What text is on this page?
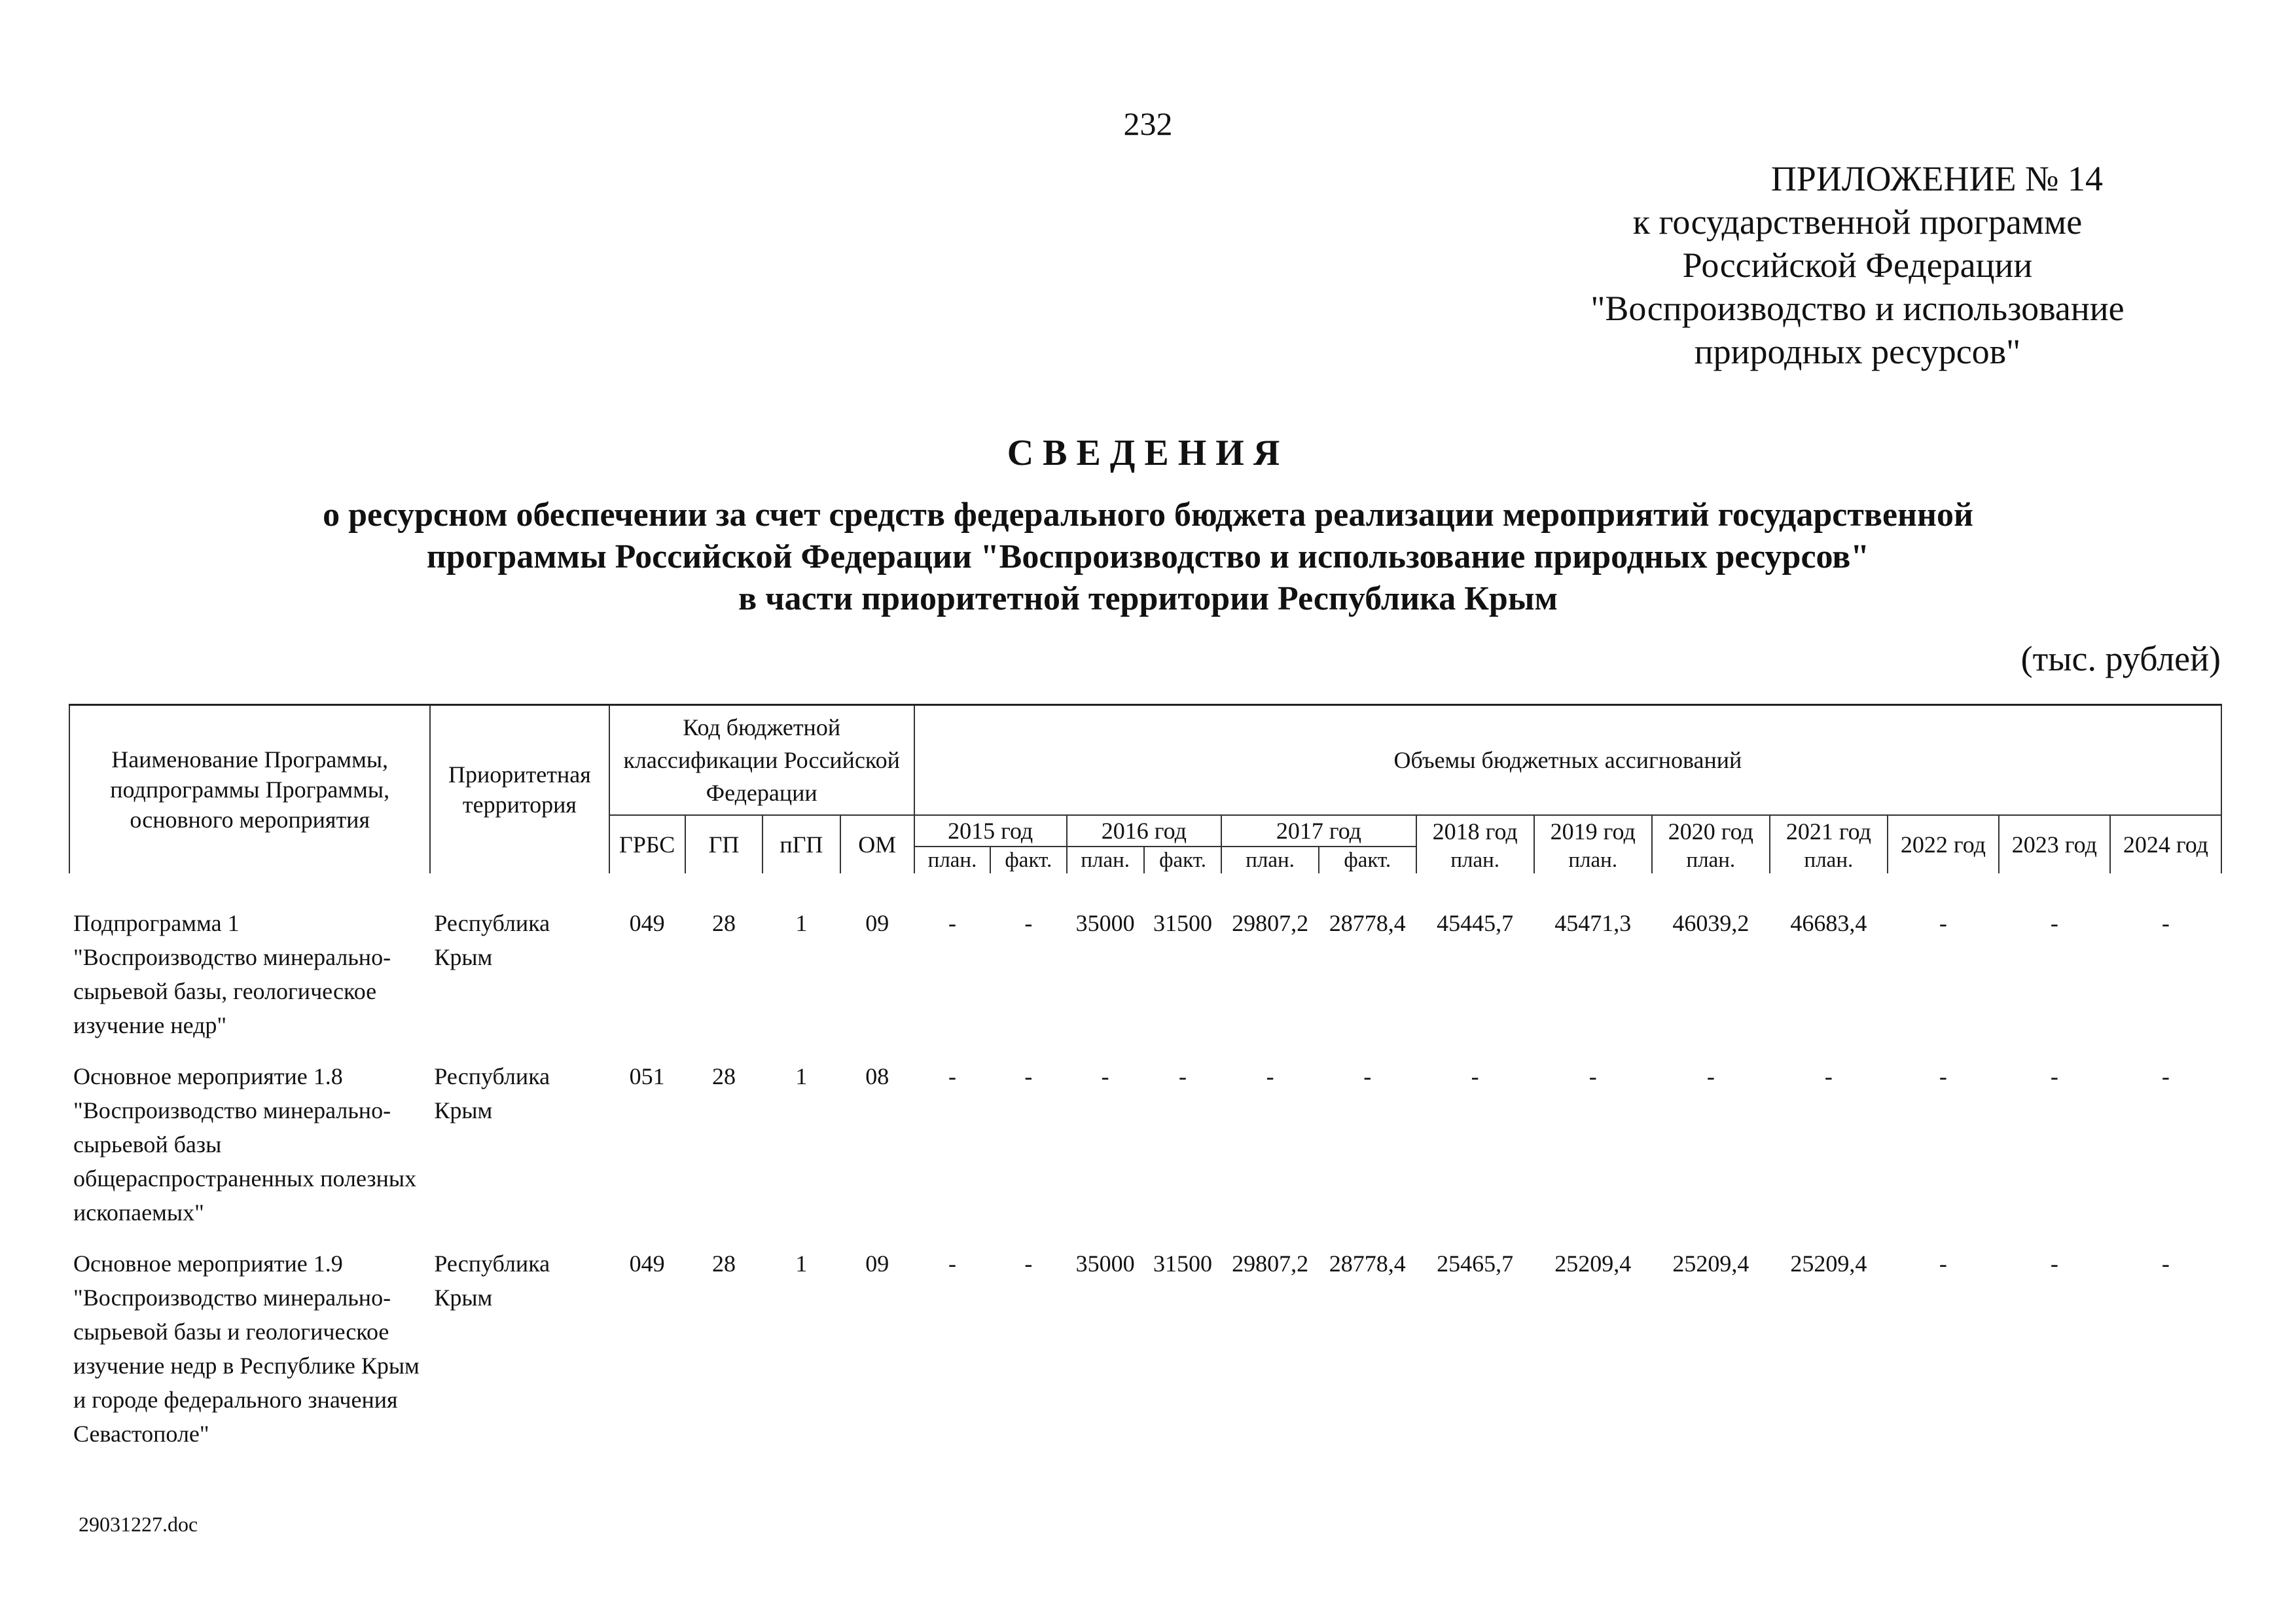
232
ПРИЛОЖЕНИЕ № 14
к государственной программе
Российской Федерации
"Воспроизводство и использование
природных ресурсов"
СВЕДЕНИЯ
о ресурсном обеспечении за счет средств федерального бюджета реализации мероприятий государственной
программы Российской Федерации "Воспроизводство и использование природных ресурсов"
в части приоритетной территории Республика Крым
(тыс. рублей)
Наименование Программы, подпрограммы Программы, основного мероприятия	Приоритетная территория	Код бюджетной классификации Российской Федерации				Объемы бюджетных ассигнований												
		ГРБС	ГП	пГП	ОМ	2015 год		2016 год		2017 год		2018 год	2019 год	2020 год	2021 год	2022 год	2023 год	2024 год
						план.	факт.	план.	факт.	план.	факт.	план.	план.	план.	план.			

Подпрограмма 1 "Воспроизводство минерально-сырьевой базы, геологическое изучение недр"	Республика Крым	049	28	1	09	-	-	35000	31500	29807,2	28778,4	45445,7	45471,3	46039,2	46683,4	-	-	-
Основное мероприятие 1.8 "Воспроизводство минерально-сырьевой базы общераспространенных полезных ископаемых"	Республика Крым	051	28	1	08	-	-	-	-	-	-	-	-	-	-	-	-	-
Основное мероприятие 1.9 "Воспроизводство минерально-сырьевой базы и геологическое изучение недр в Республике Крым и городе федерального значения Севастополе"	Республика Крым	049	28	1	09	-	-	35000	31500	29807,2	28778,4	25465,7	25209,4	25209,4	25209,4	-	-	-
29031227.doc
